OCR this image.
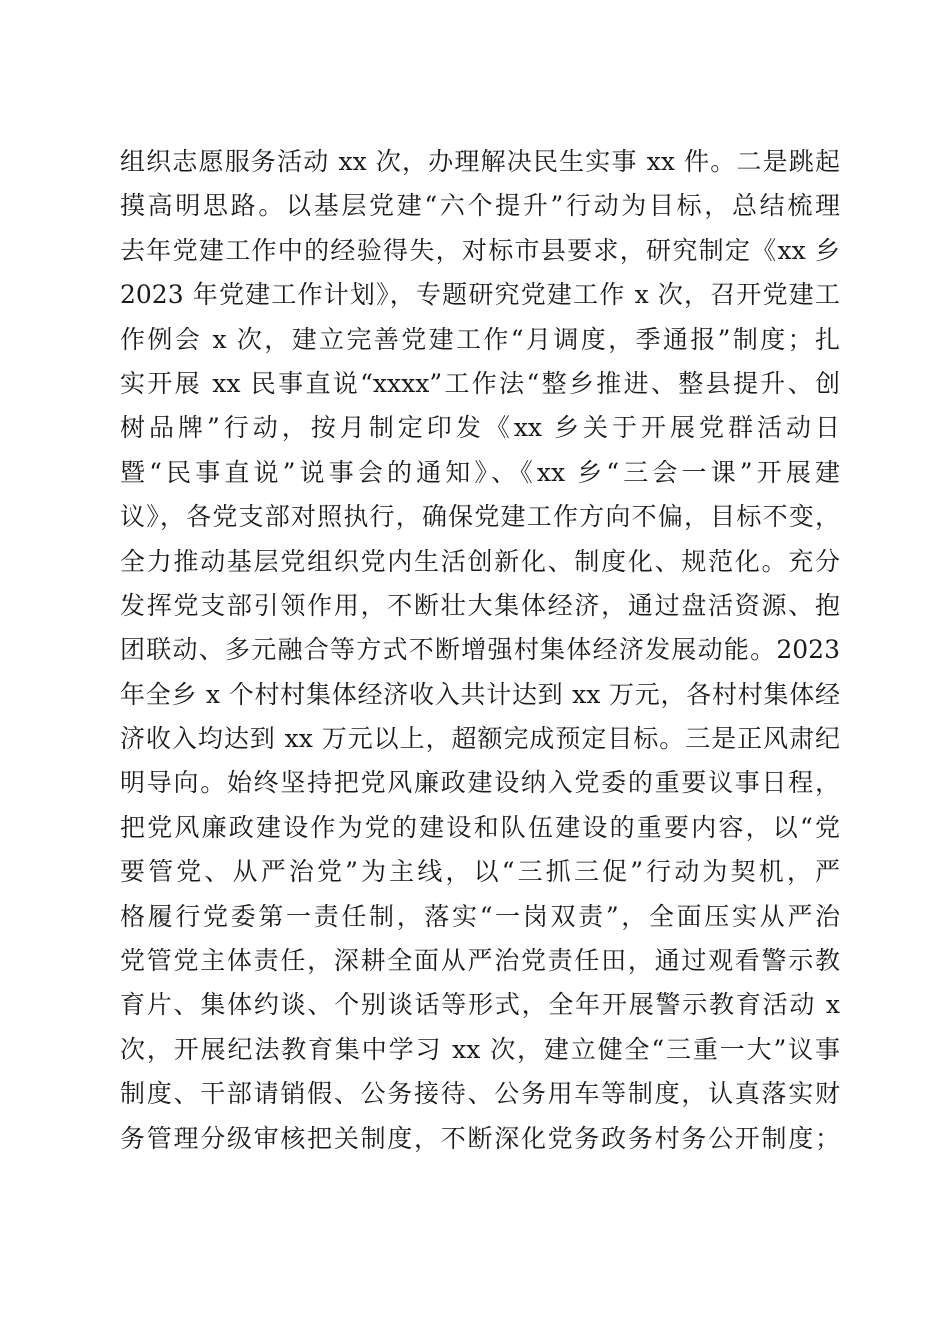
组织志愿服务活动 xx 次，办理解决民生实事 xx 件。二是跳起
摸高明思路。以基层党建“六个提升”行动为目标，总结梳理
去年党建工作中的经验得失，对标市县要求，研究制定《xx 乡
2023 年党建工作计划》，专题研究党建工作 x 次，召开党建工
作例会 x 次，建立完善党建工作“月调度，季通报”制度；扎
实开展 xx 民事直说“xxxx”工作法“整乡推进、整县提升、创
树品牌”行动，按月制定印发《xx 乡关于开展党群活动日
暨“民事直说”说事会的通知》、《xx 乡“三会一课”开展建
议》，各党支部对照执行，确保党建工作方向不偏，目标不变，
全力推动基层党组织党内生活创新化、制度化、规范化。充分
发挥党支部引领作用，不断壮大集体经济，通过盘活资源、抱
团联动、多元融合等方式不断增强村集体经济发展动能。2023
年全乡 x 个村村集体经济收入共计达到 xx 万元，各村村集体经
济收入均达到 xx 万元以上，超额完成预定目标。三是正风肃纪
明导向。始终坚持把党风廉政建设纳入党委的重要议事日程，
把党风廉政建设作为党的建设和队伍建设的重要内容，以“党
要管党、从严治党”为主线，以“三抓三促”行动为契机，严
格履行党委第一责任制，落实“一岗双责”，全面压实从严治
党管党主体责任，深耕全面从严治党责任田，通过观看警示教
育片、集体约谈、个别谈话等形式，全年开展警示教育活动 x
次，开展纪法教育集中学习 xx 次，建立健全“三重一大”议事
制度、干部请销假、公务接待、公务用车等制度，认真落实财
务管理分级审核把关制度，不断深化党务政务村务公开制度；
